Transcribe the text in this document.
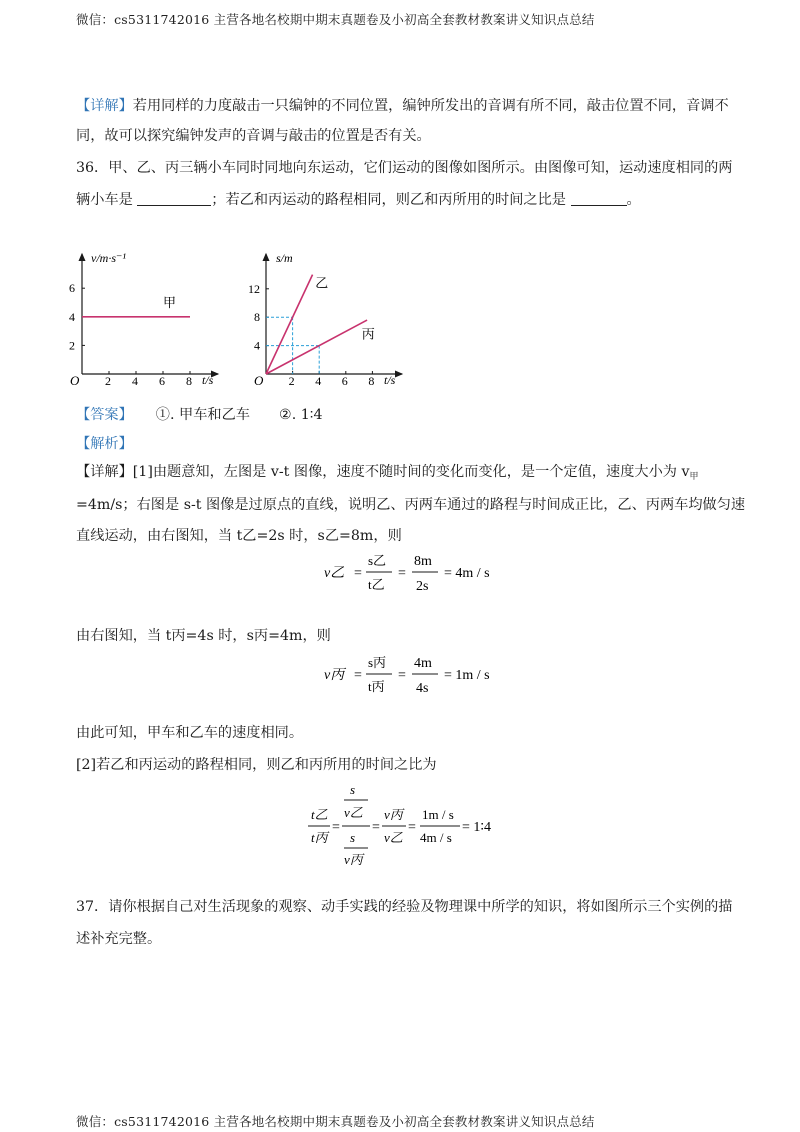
微信：cs5311742016 主营各地名校期中期末真题卷及小初高全套教材教案讲义知识点总结
【详解】若用同样的力度敲击一只编钟的不同位置，编钟所发出的音调有所不同，敲击位置不同，音调不
同，故可以探究编钟发声的音调与敲击的位置是否有关。
36．甲、乙、丙三辆小车同时同地向东运动，它们运动的图像如图所示。由图像可知，运动速度相同的两
辆小车是	；若乙和丙运动的路程相同，则乙和丙所用的时间之比是	。
2 4 6 8
2
4
6
v/m·s⁻¹
t/s
O
甲
2 4 6 8
4
8
12
s/m
t/s
O
乙
丙
【答案】 ①. 甲车和乙车 ②. 1∶4
【解析】
【详解】[1]由题意知，左图是 v-t 图像，速度不随时间的变化而变化，是一个定值，速度大小为 $v_甲$
=4m/s；右图是 s-t 图像是过原点的直线，说明乙、丙两车通过的路程与时间成正比，乙、丙两车均做匀速
直线运动，由右图知，当 t乙=2s 时，s乙=8m，则
v乙 =
s乙
t乙
=
8m
2s
= 4m / s
由右图知，当 t丙=4s 时，s丙=4m，则
v丙 =
s丙
t丙
=
4m
4s
= 1m / s
由此可知，甲车和乙车的速度相同。
[2]若乙和丙运动的路程相同，则乙和丙所用的时间之比为
t乙
t丙
=
s
v乙
s
v丙
=
v丙
v乙
=
1m / s
4m / s
= 1∶4
37．请你根据自己对生活现象的观察、动手实践的经验及物理课中所学的知识，将如图所示三个实例的描
述补充完整。
微信：cs5311742016 主营各地名校期中期末真题卷及小初高全套教材教案讲义知识点总结
